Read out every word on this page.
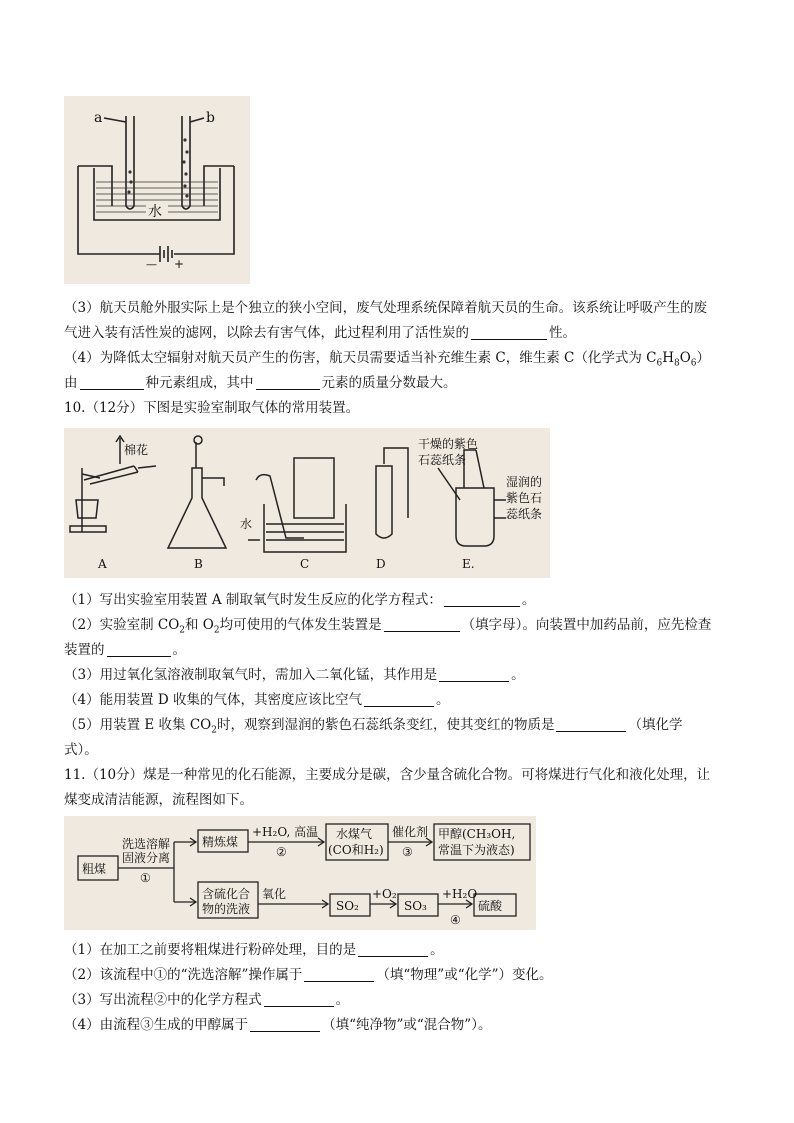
水
a	b
— +
（3）航天员舱外服实际上是个独立的狭小空间，废气处理系统保障着航天员的生命。该系统让呼吸产生的废
气进入装有活性炭的滤网，以除去有害气体，此过程利用了活性炭的	性。
（4）为降低太空辐射对航天员产生的伤害，航天员需要适当补充维生素 C，维生素 C（化学式为 $C_6H_8O_6$）
由	种元素组成，其中	元素的质量分数最大。
10.（12分）下图是实验室制取气体的常用装置。
棉花
水
干燥的紫色
石蕊纸条
湿润的
紫色石
蕊纸条
A	B	C	D	E.
（1）写出实验室用装置 A 制取氧气时发生反应的化学方程式：	。
（2）实验室制 $CO_2$和 $O_2$均可使用的气体发生装置是	（填字母）。向装置中加药品前，应先检查
装置的	。
（3）用过氧化氢溶液制取氧气时，需加入二氧化锰，其作用是	。
（4）能用装置 D 收集的气体，其密度应该比空气	。
（5）用装置 E 收集 $CO_2$时，观察到湿润的紫色石蕊纸条变红，使其变红的物质是	（填化学
式）。
11.（10分）煤是一种常见的化石能源，主要成分是碳，含少量含硫化合物。可将煤进行气化和液化处理，让
煤变成清洁能源，流程图如下。
粗煤
洗选溶解
固液分离
①
精炼煤
+H₂O, 高温
②
水煤气
(CO和H₂)
催化剂
③
甲醇(CH₃OH,
常温下为液态)
含硫化合
物的洗液
氧化
SO₂
+O₂
SO₃
+H₂O
④
硫酸
（1）在加工之前要将粗煤进行粉碎处理，目的是	。
（2）该流程中①的“洗选溶解”操作属于	（填“物理”或“化学”）变化。
（3）写出流程②中的化学方程式	。
（4）由流程③生成的甲醇属于	（填“纯净物”或“混合物”）。
